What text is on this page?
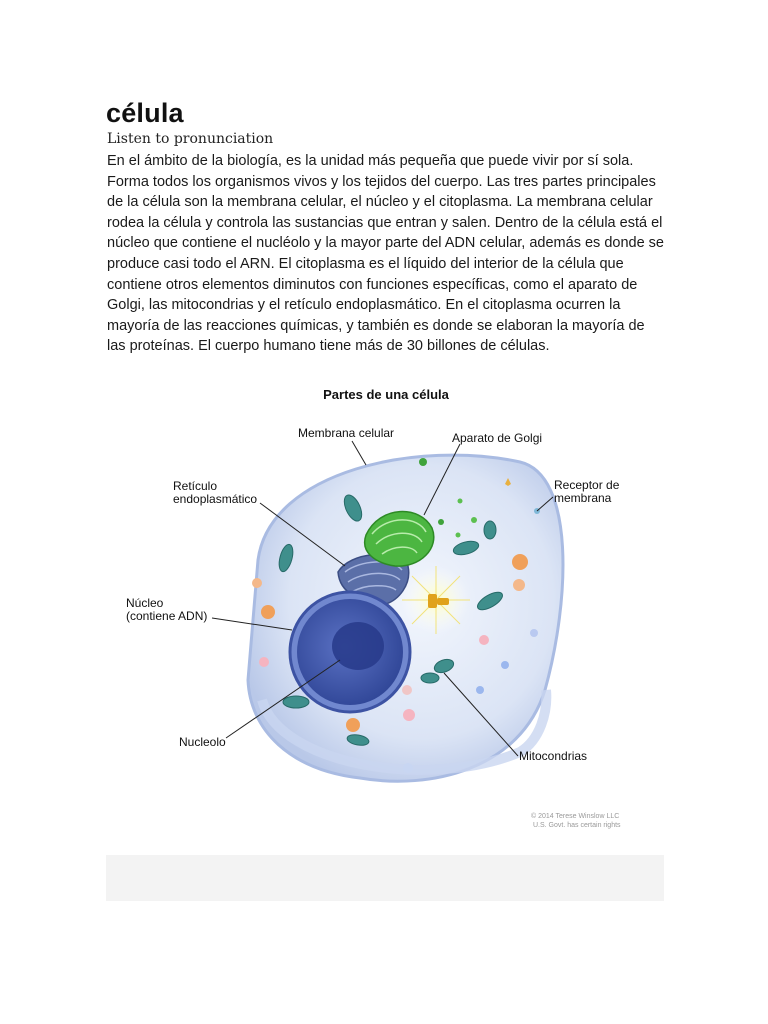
célula
Listen to pronunciation

En el ámbito de la biología, es la unidad más pequeña que puede vivir por sí sola. Forma todos los organismos vivos y los tejidos del cuerpo. Las tres partes principales de la célula son la membrana celular, el núcleo y el citoplasma. La membrana celular rodea la célula y controla las sustancias que entran y salen. Dentro de la célula está el núcleo que contiene el nucléolo y la mayor parte del ADN celular, además es donde se produce casi todo el ARN. El citoplasma es el líquido del interior de la célula que contiene otros elementos diminutos con funciones específicas, como el aparato de Golgi, las mitocondrias y el retículo endoplasmático. En el citoplasma ocurren la mayoría de las reacciones químicas, y también es donde se elaboran la mayoría de las proteínas. El cuerpo humano tiene más de 30 billones de células.

Partes de una célula
Membrana celular	Aparato de Golgi
Retículo
endoplasmático
Receptor de
membrana
Núcleo
(contiene ADN)
Nucleolo
Mitocondrias
© 2014 Terese Winslow LLC
U.S. Govt. has certain rights
